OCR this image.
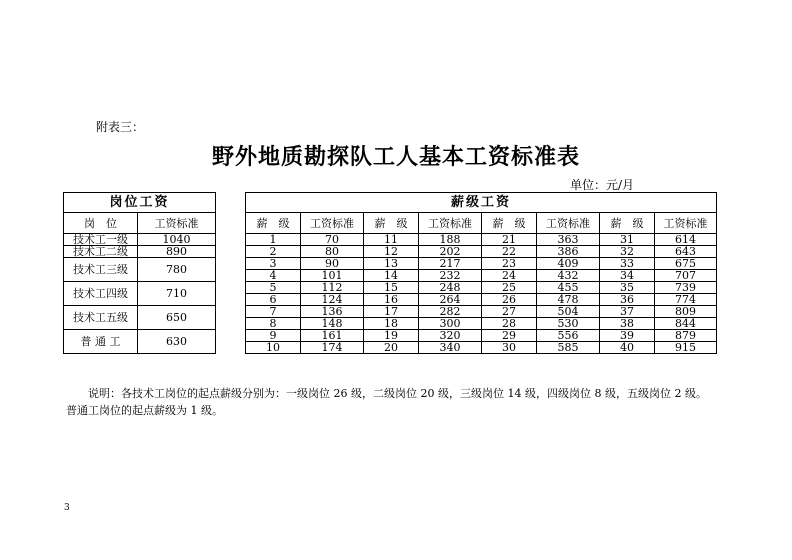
附表三：
野外地质勘探队工人基本工资标准表
单位：元/月
岗位工资	
岗　位	工资标准
技术工一级	1040
技术工二级	890
技术工三级	780

技术工四级	710

技术工五级	650

普 通 工	630

薪级工资							
薪　级	工资标准	薪　级	工资标准	薪　级	工资标准	薪　级	工资标准
1	70	11	188	21	363	31	614
2	80	12	202	22	386	32	643
3	90	13	217	23	409	33	675
4	101	14	232	24	432	34	707
5	112	15	248	25	455	35	739
6	124	16	264	26	478	36	774
7	136	17	282	27	504	37	809
8	148	18	300	28	530	38	844
9	161	19	320	29	556	39	879
10	174	20	340	30	585	40	915
说明：各技术工岗位的起点薪级分别为：一级岗位 26 级，二级岗位 20 级，三级岗位 14 级，四级岗位 8 级，五级岗位 2 级。
普通工岗位的起点薪级为 1 级。
3
